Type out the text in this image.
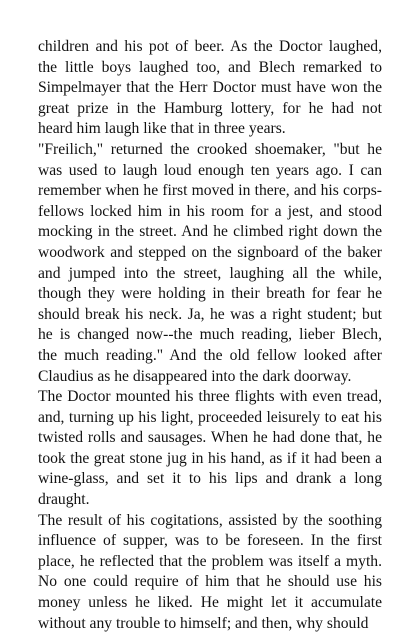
children and his pot of beer. As the Doctor laughed, the little boys laughed too, and Blech remarked to Simpelmayer that the Herr Doctor must have won the great prize in the Hamburg lottery, for he had not heard him laugh like that in three years.

"Freilich," returned the crooked shoemaker, "but he was used to laugh loud enough ten years ago. I can remember when he first moved in there, and his corps-fellows locked him in his room for a jest, and stood mocking in the street. And he climbed right down the woodwork and stepped on the signboard of the baker and jumped into the street, laughing all the while, though they were holding in their breath for fear he should break his neck. Ja, he was a right student; but he is changed now--the much reading, lieber Blech, the much reading." And the old fellow looked after Claudius as he disappeared into the dark doorway.

The Doctor mounted his three flights with even tread, and, turning up his light, proceeded leisurely to eat his twisted rolls and sausages. When he had done that, he took the great stone jug in his hand, as if it had been a wine-glass, and set it to his lips and drank a long draught.

The result of his cogitations, assisted by the soothing influence of supper, was to be foreseen. In the first place, he reflected that the problem was itself a myth. No one could require of him that he should use his money unless he liked. He might let it accumulate without any trouble to himself; and then, why should
